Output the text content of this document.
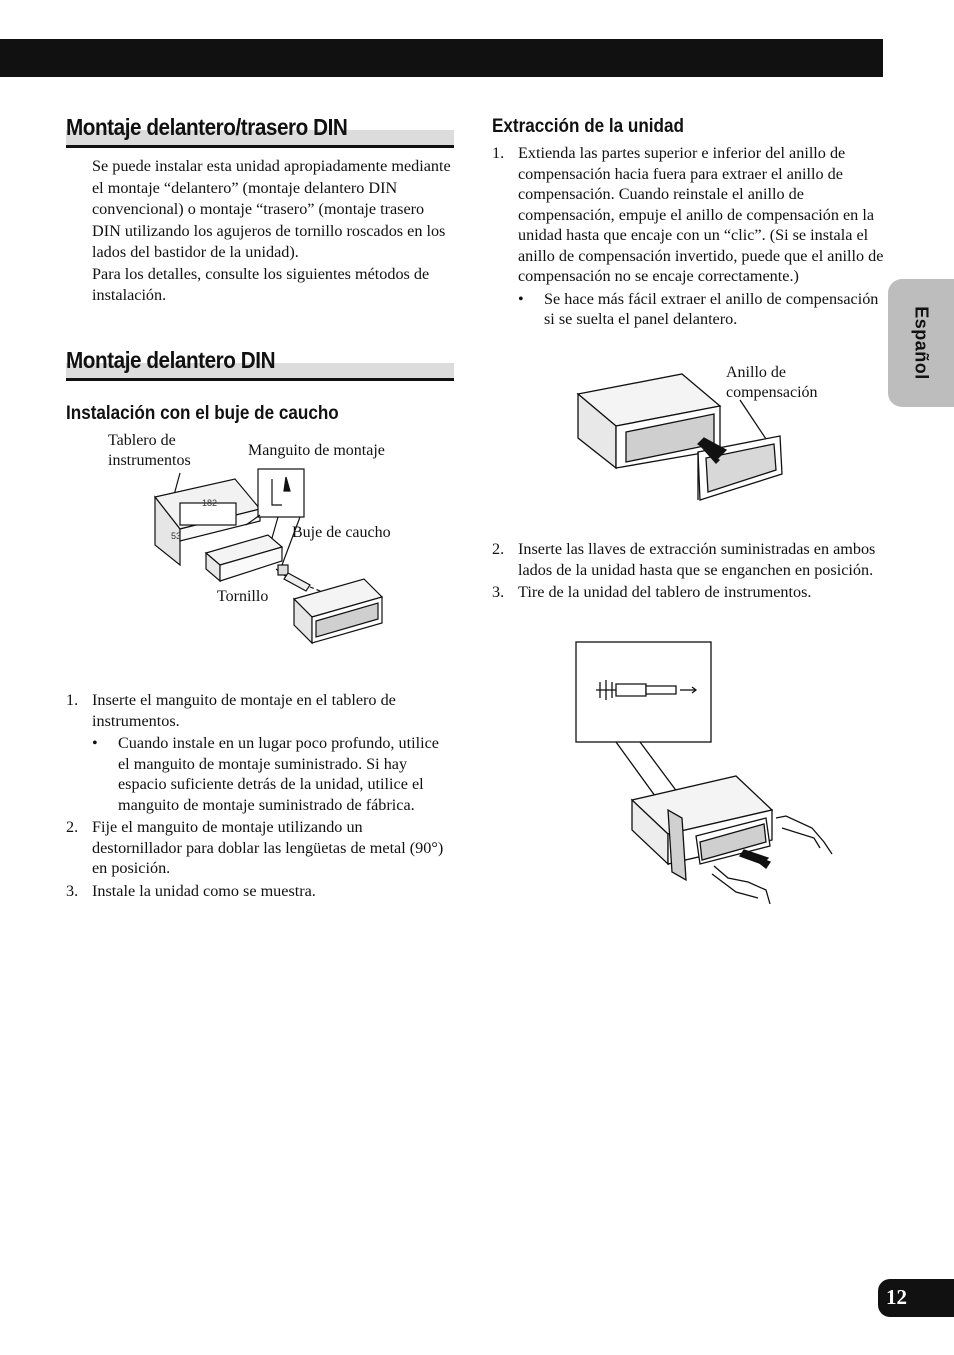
Español
12
Montaje delantero/trasero DIN

Se puede instalar esta unidad apropiadamente mediante el montaje “delantero” (montaje delantero DIN convencional) o montaje “trasero” (montaje trasero DIN utilizando los agujeros de tornillo roscados en los lados del bastidor de la unidad).

Para los detalles, consulte los siguientes métodos de instalación.

Montaje delantero DIN
Instalación con el buje de caucho
Tablero de instrumentos
Manguito de montaje
Buje de caucho
Tornillo
182
53
1. Inserte el manguito de montaje en el tablero de instrumentos.
• Cuando instale en un lugar poco profundo, utilice el manguito de montaje suministrado. Si hay espacio suficiente detrás de la unidad, utilice el manguito de montaje suministrado de fábrica.
2. Fije el manguito de montaje utilizando un destornillador para doblar las lengüetas de metal (90°) en posición.
3. Instale la unidad como se muestra.
Extracción de la unidad
1. Extienda las partes superior e inferior del anillo de compensación hacia fuera para extraer el anillo de compensación. Cuando reinstale el anillo de compensación, empuje el anillo de compensación en la unidad hasta que encaje con un “clic”. (Si se instala el anillo de compensación invertido, puede que el anillo de compensación no se encaje correctamente.)
• Se hace más fácil extraer el anillo de compensación si se suelta el panel delantero.
Anillo de compensación
2. Inserte las llaves de extracción suministradas en ambos lados de la unidad hasta que se enganchen en posición.
3. Tire de la unidad del tablero de instrumentos.
